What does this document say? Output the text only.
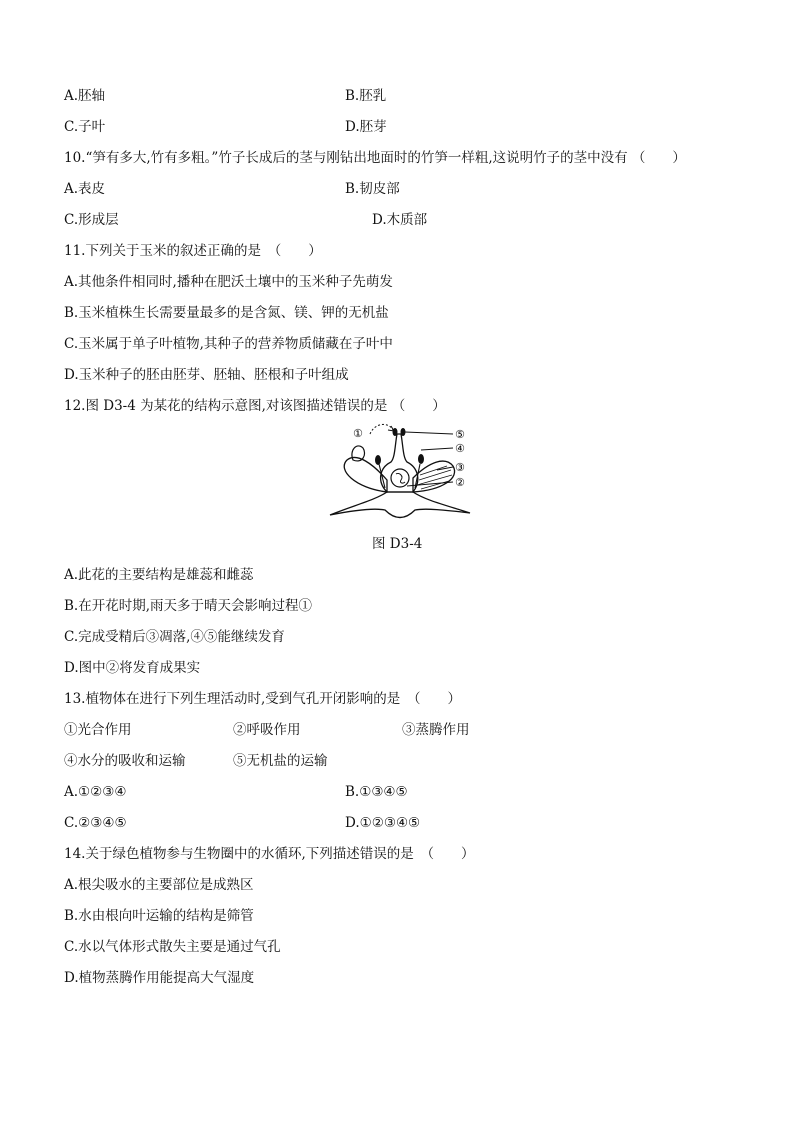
A.胚轴	B.胚乳
C.子叶	D.胚芽
10.“笋有多大,竹有多粗。”竹子长成后的茎与刚钻出地面时的竹笋一样粗,这说明竹子的茎中没有 （　　）
A.表皮	B.韧皮部
C.形成层	D.木质部
11.下列关于玉米的叙述正确的是　（　　）
A.其他条件相同时,播种在肥沃土壤中的玉米种子先萌发
B.玉米植株生长需要量最多的是含氮、镁、钾的无机盐
C.玉米属于单子叶植物,其种子的营养物质储藏在子叶中
D.玉米种子的胚由胚芽、胚轴、胚根和子叶组成
12.图 D3-4 为某花的结构示意图,对该图描述错误的是 （　　）
①	⑤
④
③
②
图 D3-4
A.此花的主要结构是雄蕊和雌蕊
B.在开花时期,雨天多于晴天会影响过程①
C.完成受精后③凋落,④⑤能继续发育
D.图中②将发育成果实
13.植物体在进行下列生理活动时,受到气孔开闭影响的是　（　　）
①光合作用	②呼吸作用	③蒸腾作用
④水分的吸收和运输	⑤无机盐的运输
A.①②③④	B.①③④⑤
C.②③④⑤	D.①②③④⑤
14.关于绿色植物参与生物圈中的水循环,下列描述错误的是　（　　）
A.根尖吸水的主要部位是成熟区
B.水由根向叶运输的结构是筛管
C.水以气体形式散失主要是通过气孔
D.植物蒸腾作用能提高大气湿度
